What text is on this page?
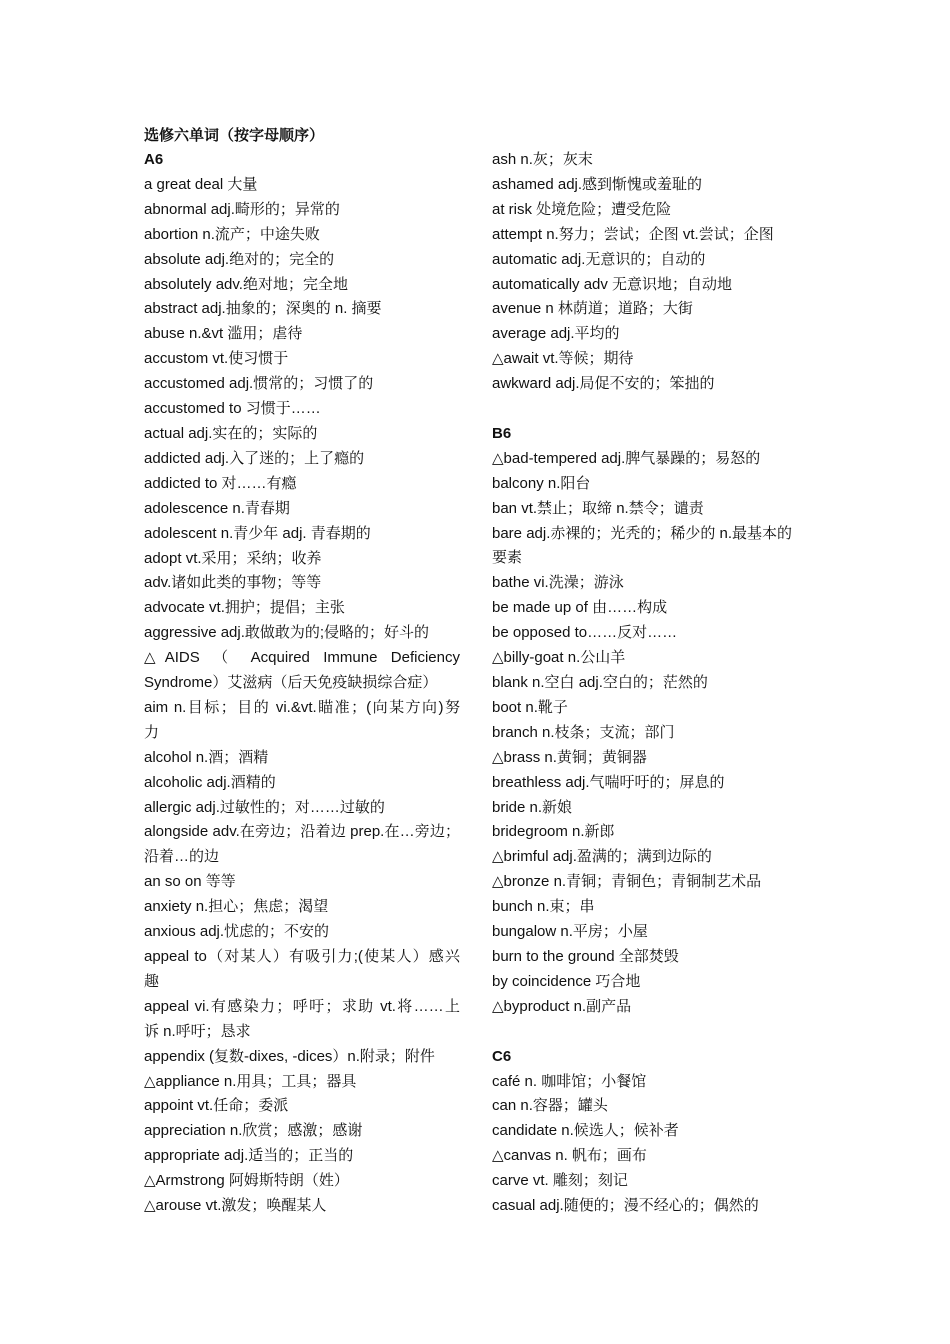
选修六单词（按字母顺序）
A6
a great deal 大量
abnormal adj.畸形的；异常的
abortion n.流产；中途失败
absolute adj.绝对的；完全的
absolutely adv.绝对地；完全地
abstract adj.抽象的；深奥的 n. 摘要
abuse n.&vt 滥用；虐待
accustom vt.使习惯于
accustomed adj.惯常的；习惯了的
accustomed to 习惯于……
actual adj.实在的；实际的
addicted adj.入了迷的；上了瘾的
addicted to 对……有瘾
adolescence n.青春期
adolescent n.青少年 adj. 青春期的
adopt vt.采用；采纳；收养
adv.诸如此类的事物；等等
advocate vt.拥护；提倡；主张
aggressive adj.敢做敢为的;侵略的；好斗的
△AIDS （ Acquired Immune Deficiency
Syndrome）艾滋病（后天免疫缺损综合症）
aim n.目标；目的 vi.&vt.瞄准；(向某方向)努
力
alcohol n.酒；酒精
alcoholic adj.酒精的
allergic adj.过敏性的；对……过敏的
alongside adv.在旁边；沿着边 prep.在…旁边；
沿着…的边
an so on 等等
anxiety n.担心；焦虑；渴望
anxious adj.忧虑的；不安的
appeal to（对某人）有吸引力;(使某人）感兴
趣
appeal vi.有感染力；呼吁；求助 vt.将……上
诉 n.呼吁；恳求
appendix (复数-dixes, -dices）n.附录；附件
△appliance n.用具；工具；器具
appoint vt.任命；委派
appreciation n.欣赏；感激；感谢
appropriate adj.适当的；正当的
△Armstrong 阿姆斯特朗（姓）
△arouse vt.激发；唤醒某人
ash n.灰；灰末
ashamed adj.感到惭愧或羞耻的
at risk 处境危险；遭受危险
attempt n.努力；尝试；企图 vt.尝试；企图
automatic adj.无意识的；自动的
automatically adv 无意识地；自动地
avenue n 林荫道；道路；大街
average adj.平均的
△await vt.等候；期待
awkward adj.局促不安的；笨拙的
B6
△bad-tempered adj.脾气暴躁的；易怒的
balcony n.阳台
ban vt.禁止；取缔 n.禁令；谴责
bare adj.赤裸的；光秃的；稀少的 n.最基本的
要素
bathe vi.洗澡；游泳
be made up of 由……构成
be opposed to……反对……
△billy-goat n.公山羊
blank n.空白 adj.空白的；茫然的
boot n.靴子
branch n.枝条；支流；部门
△brass n.黄铜；黄铜器
breathless adj.气喘吁吁的；屏息的
bride n.新娘
bridegroom n.新郎
△brimful adj.盈满的；满到边际的
△bronze n.青铜；青铜色；青铜制艺术品
bunch n.束；串
bungalow n.平房；小屋
burn to the ground 全部焚毁
by coincidence 巧合地
△byproduct n.副产品
C6
café n. 咖啡馆；小餐馆
can n.容器；罐头
candidate n.候选人；候补者
△canvas n. 帆布；画布
carve vt. 雕刻；刻记
casual adj.随便的；漫不经心的；偶然的
